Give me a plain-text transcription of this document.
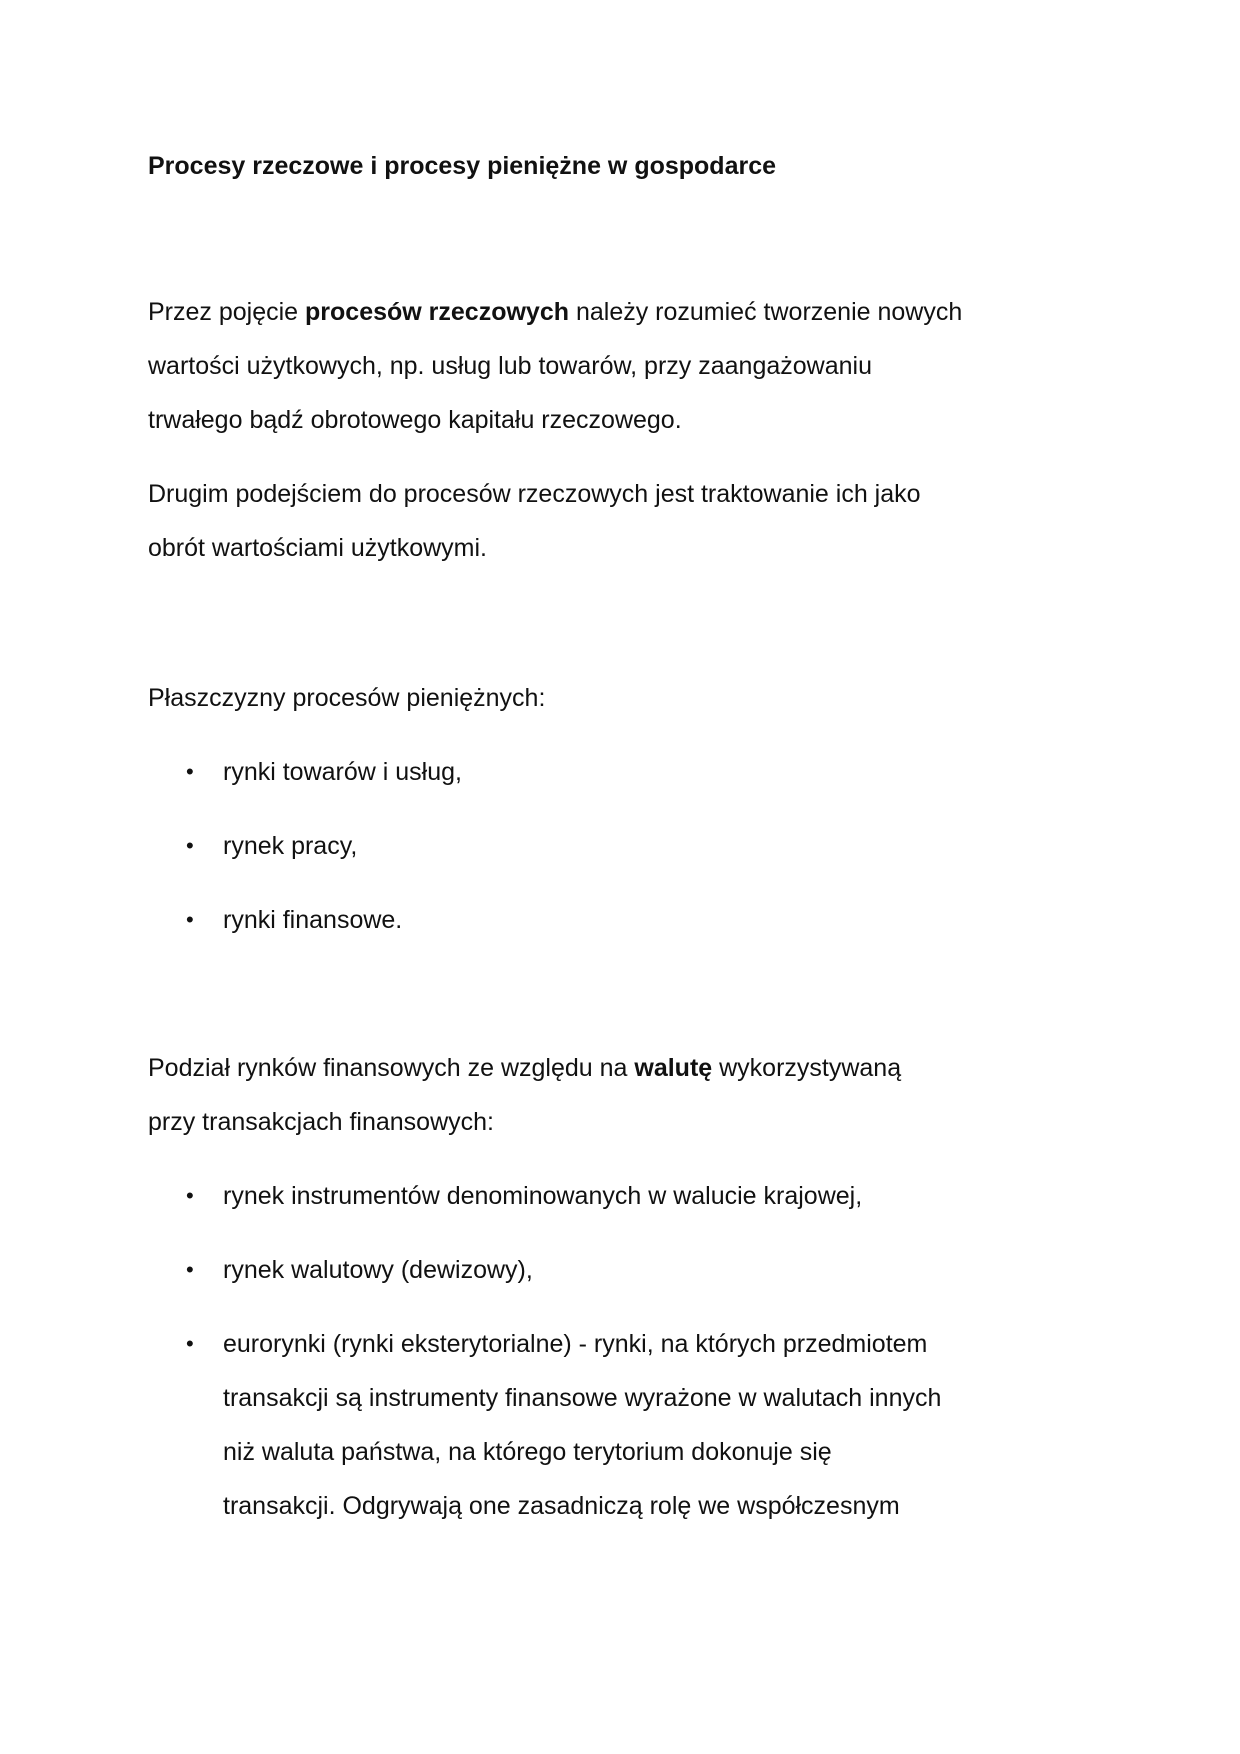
Procesy rzeczowe i procesy pieniężne w gospodarce

Przez pojęcie procesów rzeczowych należy rozumieć tworzenie nowych

wartości użytkowych, np. usług lub towarów, przy zaangażowaniu

trwałego bądź obrotowego kapitału rzeczowego.

Drugim podejściem do procesów rzeczowych jest traktowanie ich jako

obrót wartościami użytkowymi.

Płaszczyzny procesów pieniężnych:

• rynki towarów i usług,
• rynek pracy,
• rynki finansowe.

Podział rynków finansowych ze względu na walutę wykorzystywaną

przy transakcjach finansowych:

• rynek instrumentów denominowanych w walucie krajowej,
• rynek walutowy (dewizowy),
• eurorynki (rynki eksterytorialne) - rynki, na których przedmiotem
transakcji są instrumenty finansowe wyrażone w walutach innych
niż waluta państwa, na którego terytorium dokonuje się
transakcji. Odgrywają one zasadniczą rolę we współczesnym
